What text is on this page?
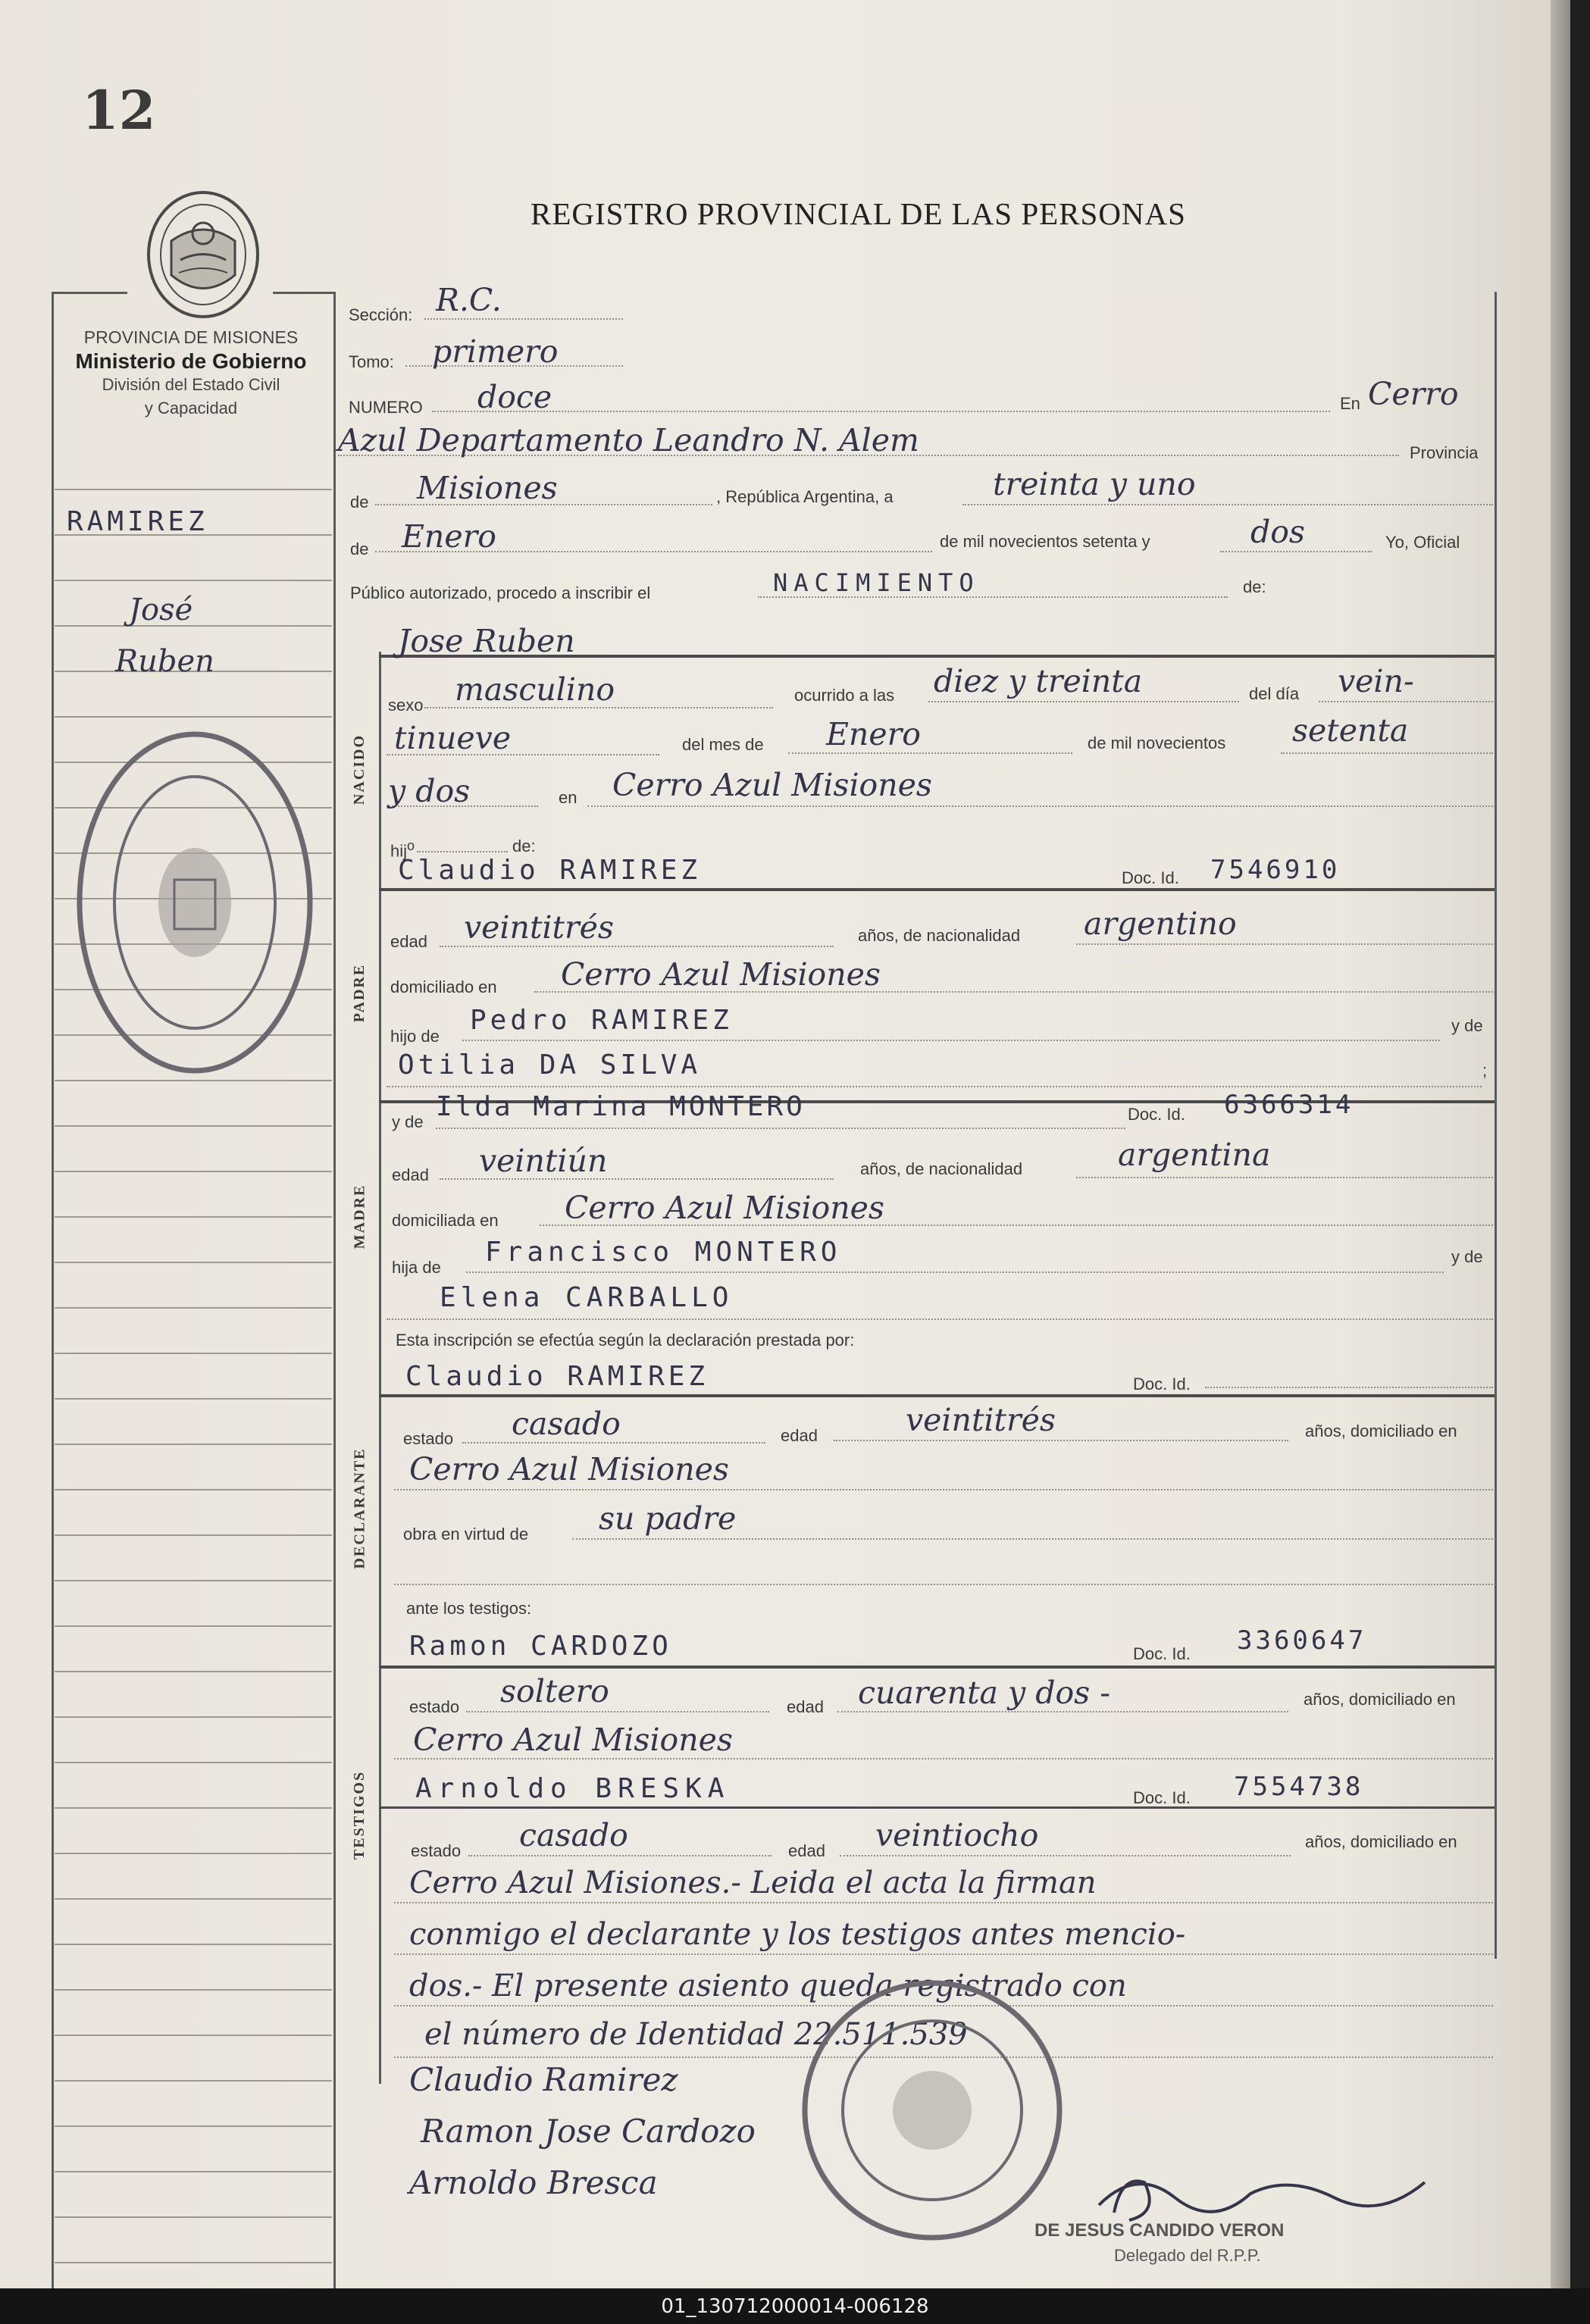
12
REGISTRO PROVINCIAL DE LAS PERSONAS
PROVINCIA DE MISIONES
Ministerio de Gobierno
División del Estado Civil
y Capacidad
RAMIREZ
José
Ruben
Sección: R.C.
Tomo: primero
NUMERO doce	En Cerro
Azul Departamento Leandro N. Alem	Provincia
de Misiones	, República Argentina, a	treinta y uno
de Enero	de mil novecientos setenta y	dos	Yo, Oficial
Público autorizado, procedo a inscribir el	NACIMIENTO	de:
NACIDO
Jose Ruben
sexo masculino	ocurrido a las diez y treinta	del día vein-
tinueve	del mes de Enero	de mil novecientos setenta
y dos	en Cerro Azul Misiones
hij$^o$	de:
PADRE
Claudio RAMIREZ	Doc. Id. 7546910
edad veintitrés	años, de nacionalidad argentino
domiciliado en Cerro Azul Misiones
hijo de
Pedro RAMIREZ	y de
Otilia DA SILVA	;
MADRE
y de Ilda Marina MONTERO	Doc. Id. 6366314
edad veintiún	años, de nacionalidad	argentina
domiciliada en Cerro Azul Misiones
hija de Francisco MONTERO	y de
Elena CARBALLO
Esta inscripción se efectúa según la declaración prestada por:
DECLARANTE
Claudio RAMIREZ	Doc. Id.
estado casado	edad	veintitrés	años, domiciliado en
Cerro Azul Misiones
obra en virtud de su padre
ante los testigos:
TESTIGOS
Ramon CARDOZO	Doc. Id. 3360647
estado soltero	edad cuarenta y dos -	años, domiciliado en
Cerro Azul Misiones
Arnoldo BRESKA	Doc. Id. 7554738
estado casado	edad veintiocho	años, domiciliado en
Cerro Azul Misiones.- Leida el acta la firman
conmigo el declarante y los testigos antes mencio-
dos.- El presente asiento queda registrado con
el número de Identidad 22.511.539
Claudio Ramirez
Ramon Jose Cardozo
Arnoldo Bresca
DE JESUS CANDIDO VERON
Delegado del R.P.P.
01_130712000014-006128
